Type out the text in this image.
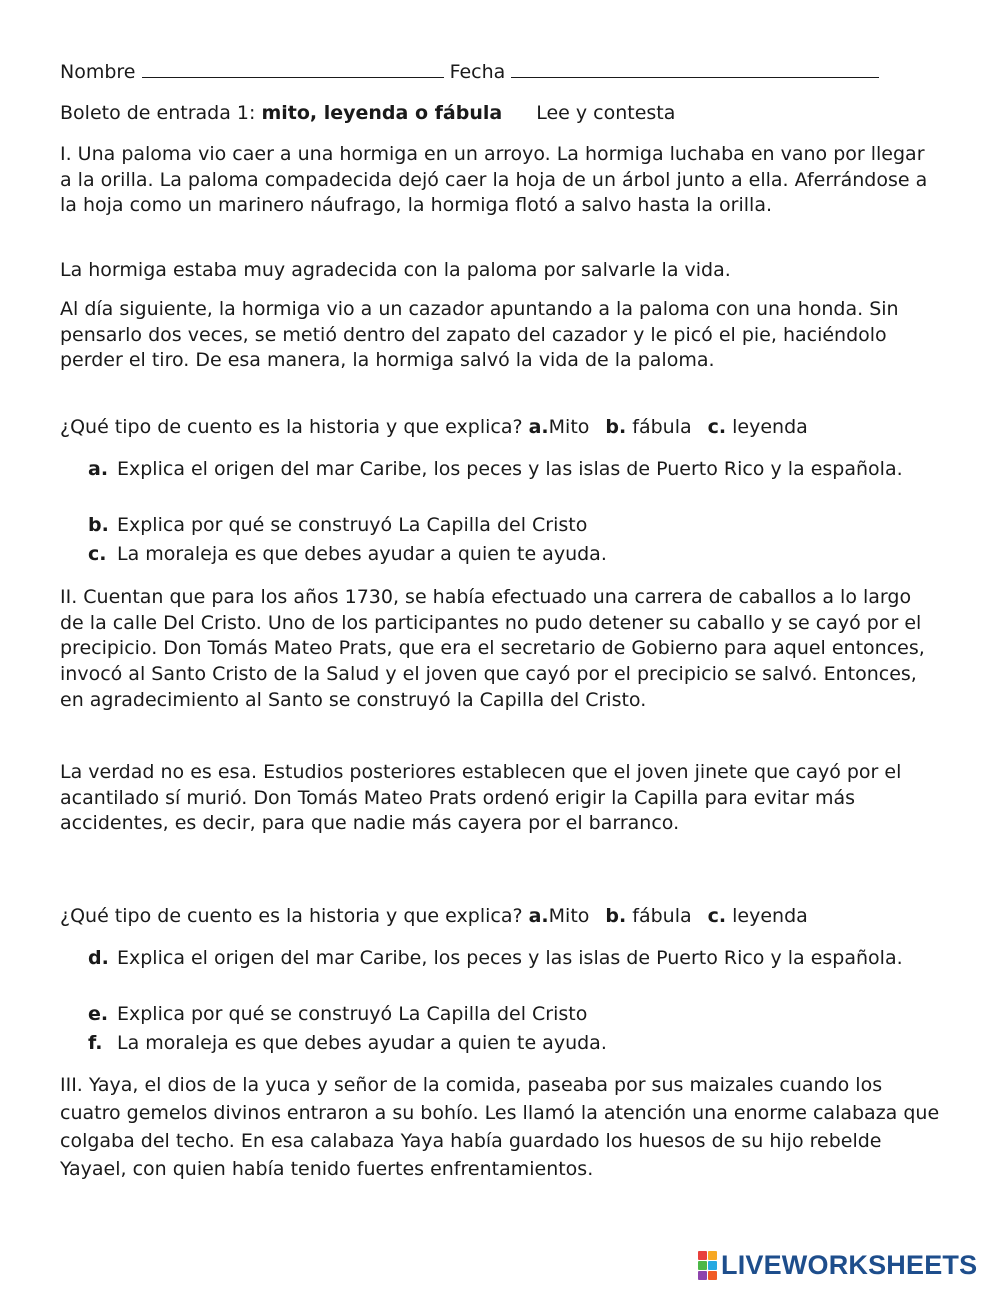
Nombre	Fecha
Boleto de entrada 1: mito, leyenda o fábula Lee y contesta

I. Una paloma vio caer a una hormiga en un arroyo. La hormiga luchaba en vano por llegar a la orilla. La paloma compadecida dejó caer la hoja de un árbol junto a ella. Aferrándose a la hoja como un marinero náufrago, la hormiga flotó a salvo hasta la orilla.

La hormiga estaba muy agradecida con la paloma por salvarle la vida.

Al día siguiente, la hormiga vio a un cazador apuntando a la paloma con una honda. Sin pensarlo dos veces, se metió dentro del zapato del cazador y le picó el pie, haciéndolo perder el tiro. De esa manera, la hormiga salvó la vida de la paloma.

¿Qué tipo de cuento es la historia y que explica? a.Mito b. fábula c. leyenda
a. Explica el origen del mar Caribe, los peces y las islas de Puerto Rico y la española.
b. Explica por qué se construyó La Capilla del Cristo
c. La moraleja es que debes ayudar a quien te ayuda.

II. Cuentan que para los años 1730, se había efectuado una carrera de caballos a lo largo de la calle Del Cristo. Uno de los participantes no pudo detener su caballo y se cayó por el precipicio. Don Tomás Mateo Prats, que era el secretario de Gobierno para aquel entonces, invocó al Santo Cristo de la Salud y el joven que cayó por el precipicio se salvó. Entonces, en agradecimiento al Santo se construyó la Capilla del Cristo.

La verdad no es esa. Estudios posteriores establecen que el joven jinete que cayó por el acantilado sí murió. Don Tomás Mateo Prats ordenó erigir la Capilla para evitar más accidentes, es decir, para que nadie más cayera por el barranco.

¿Qué tipo de cuento es la historia y que explica? a.Mito b. fábula c. leyenda
d. Explica el origen del mar Caribe, los peces y las islas de Puerto Rico y la española.
e. Explica por qué se construyó La Capilla del Cristo
f. La moraleja es que debes ayudar a quien te ayuda.

III. Yaya, el dios de la yuca y señor de la comida, paseaba por sus maizales cuando los cuatro gemelos divinos entraron a su bohío. Les llamó la atención una enorme calabaza que colgaba del techo. En esa calabaza Yaya había guardado los huesos de su hijo rebelde Yayael, con quien había tenido fuertes enfrentamientos.

LIVEWORKSHEETS
